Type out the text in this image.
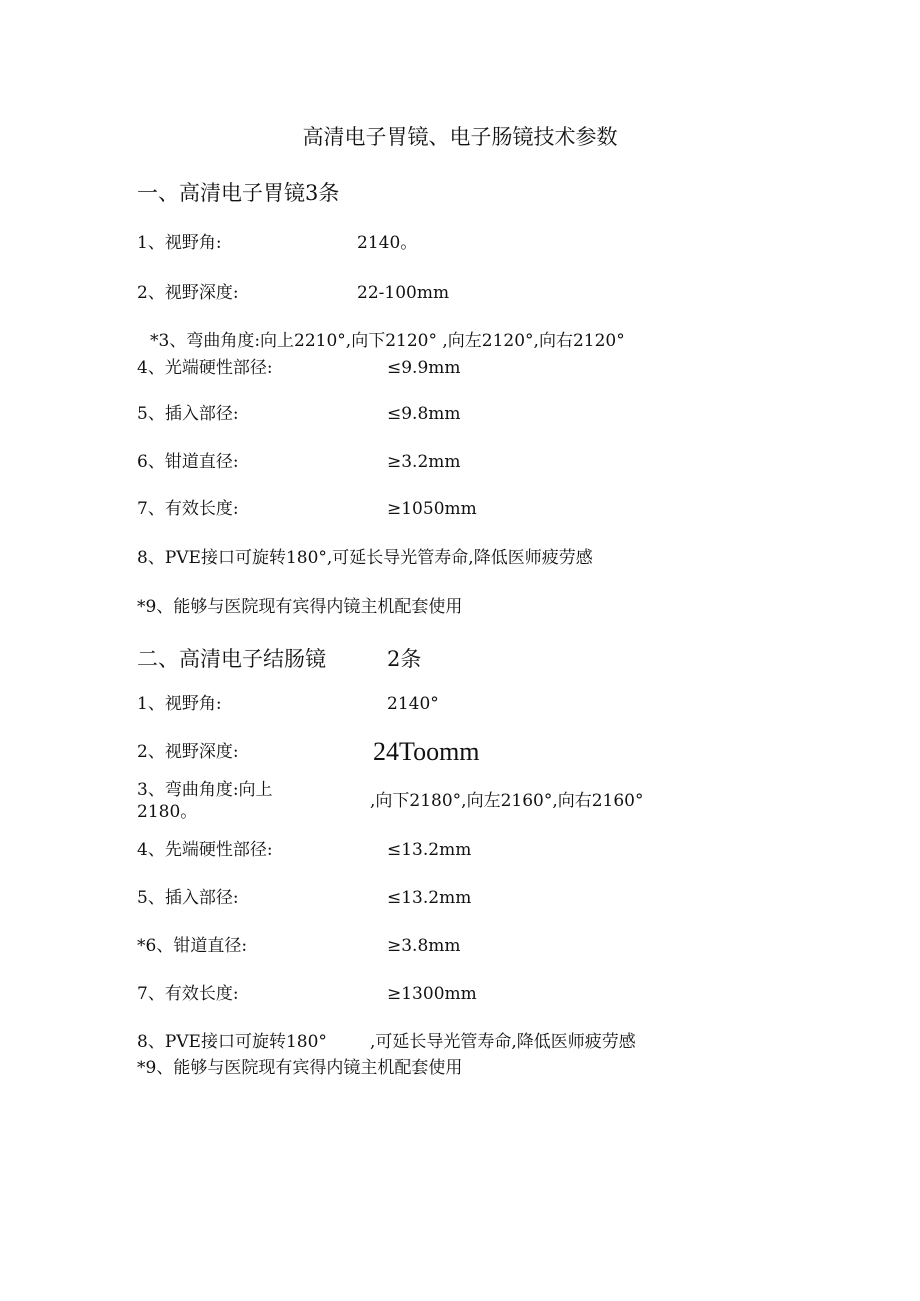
高清电子胃镜、电子肠镜技术参数
一、高清电子胃镜3条
1、视野角:	2140。
2、视野深度:	22-100mm
*3、弯曲角度:向上2210°,向下2120° ,向左2120°,向右2120°
4、光端硬性部径:	≤9.9mm
5、插入部径:	≤9.8mm
6、钳道直径:	≥3.2mm
7、有效长度:	≥1050mm
8、PVE接口可旋转180°,可延长导光管寿命,降低医师疲劳感
*9、能够与医院现有宾得内镜主机配套使用
二、高清电子结肠镜	2条
1、视野角:	2140°
2、视野深度:	24Toomm
3、弯曲角度:向上2180。
,向下2180°,向左2160°,向右2160°
4、先端硬性部径:	≤13.2mm
5、插入部径:	≤13.2mm
*6、钳道直径:	≥3.8mm
7、有效长度:	≥1300mm
8、PVE接口可旋转180°	,可延长导光管寿命,降低医师疲劳感
*9、能够与医院现有宾得内镜主机配套使用
